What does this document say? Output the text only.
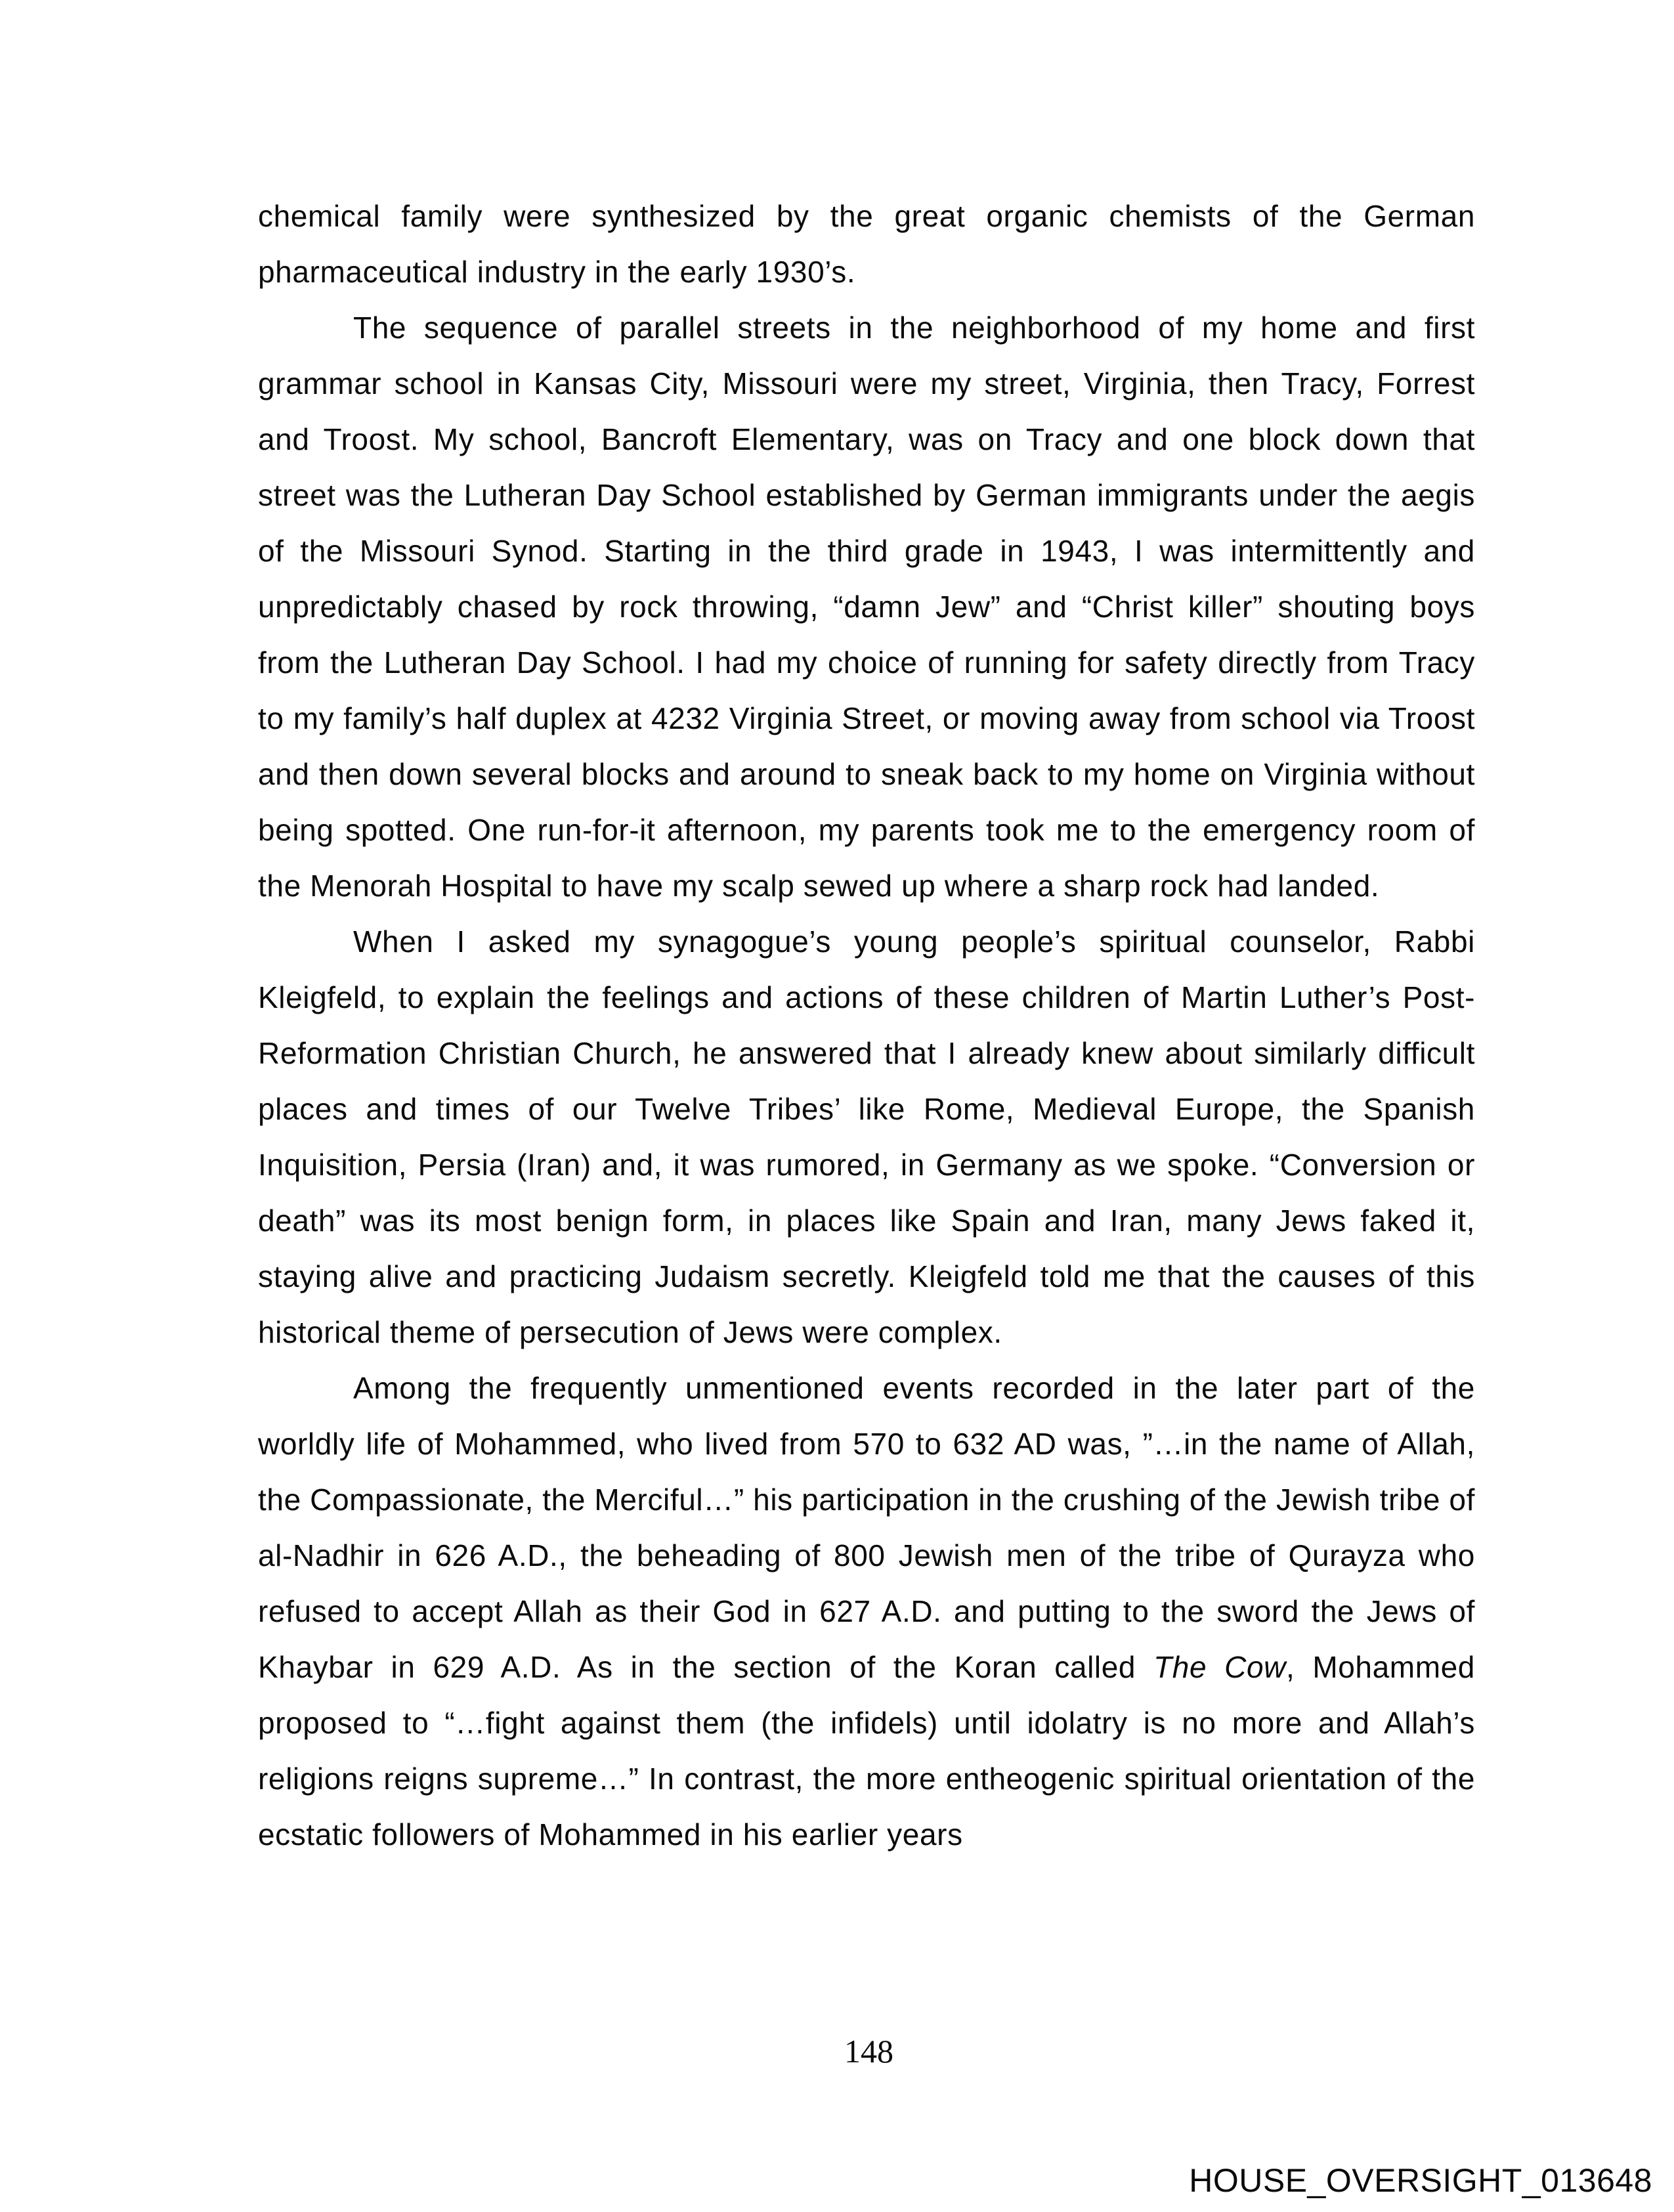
chemical family were synthesized by the great organic chemists of the German pharmaceutical industry in the early 1930’s.

The sequence of parallel streets in the neighborhood of my home and first grammar school in Kansas City, Missouri were my street, Virginia, then Tracy, Forrest and Troost. My school, Bancroft Elementary, was on Tracy and one block down that street was the Lutheran Day School established by German immigrants under the aegis of the Missouri Synod. Starting in the third grade in 1943, I was intermittently and unpredictably chased by rock throwing, “damn Jew” and “Christ killer” shouting boys from the Lutheran Day School. I had my choice of running for safety directly from Tracy to my family’s half duplex at 4232 Virginia Street, or moving away from school via Troost and then down several blocks and around to sneak back to my home on Virginia without being spotted. One run-for-it afternoon, my parents took me to the emergency room of the Menorah Hospital to have my scalp sewed up where a sharp rock had landed.

When I asked my synagogue’s young people’s spiritual counselor, Rabbi Kleigfeld, to explain the feelings and actions of these children of Martin Luther’s Post-Reformation Christian Church, he answered that I already knew about similarly difficult places and times of our Twelve Tribes’ like Rome, Medieval Europe, the Spanish Inquisition, Persia (Iran) and, it was rumored, in Germany as we spoke. “Conversion or death” was its most benign form, in places like Spain and Iran, many Jews faked it, staying alive and practicing Judaism secretly. Kleigfeld told me that the causes of this historical theme of persecution of Jews were complex.

Among the frequently unmentioned events recorded in the later part of the worldly life of Mohammed, who lived from 570 to 632 AD was, ”…in the name of Allah, the Compassionate, the Merciful…” his participation in the crushing of the Jewish tribe of al-Nadhir in 626 A.D., the beheading of 800 Jewish men of the tribe of Qurayza who refused to accept Allah as their God in 627 A.D. and putting to the sword the Jews of Khaybar in 629 A.D. As in the section of the Koran called The Cow, Mohammed proposed to “…fight against them (the infidels) until idolatry is no more and Allah’s religions reigns supreme…” In contrast, the more entheogenic spiritual orientation of the ecstatic followers of Mohammed in his earlier years

148
HOUSE_OVERSIGHT_013648
